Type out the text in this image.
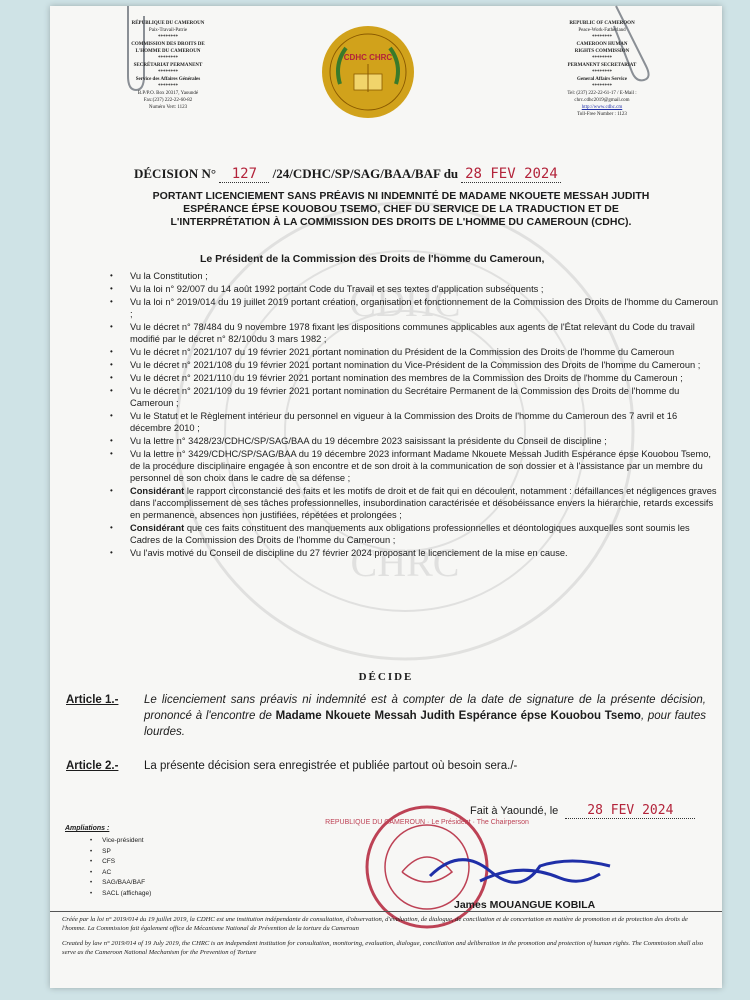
CDHC
CHRC
RÉPUBLIQUE DU CAMEROUN
Paix-Travail-Patrie
********
COMMISSION DES DROITS DE
L'HOMME DU CAMEROUN
********
SECRÉTARIAT PERMANENT
********
Service des Affaires Générales
********
B.P/P.O. Box 20317, Yaoundé
Fax:(237) 222-22-60-82
Numéro Vert: 1123
CDHC CHRC
REPUBLIC OF CAMEROON
Peace-Work-Fatherland
********
CAMEROON HUMAN
RIGHTS COMMISSION
********
PERMANENT SECRETARIAT
********
General Affairs Service
********
Tel: (237) 222-22-61-17 / E-Mail : chrc.cdhc2019@gmail.com
http://www.cdhc.cm
Toll-Free Number : 1123
DÉCISION N° 127 /24/CDHC/SP/SAG/BAA/BAF du 28 FEV 2024
PORTANT LICENCIEMENT SANS PRÉAVIS NI INDEMNITÉ DE MADAME NKOUETE MESSAH JUDITH ESPÉRANCE ÉPSE KOUOBOU TSEMO, CHEF DU SERVICE DE LA TRADUCTION ET DE L'INTERPRÉTATION À LA COMMISSION DES DROITS DE L'HOMME DU CAMEROUN (CDHC).
Le Président de la Commission des Droits de l'homme du Cameroun,
• Vu la Constitution ;
• Vu la loi n° 92/007 du 14 août 1992 portant Code du Travail et ses textes d'application subséquents ;
• Vu la loi n° 2019/014 du 19 juillet 2019 portant création, organisation et fonctionnement de la Commission des Droits de l'homme du Cameroun ;
• Vu le décret n° 78/484 du 9 novembre 1978 fixant les dispositions communes applicables aux agents de l'État relevant du Code du travail modifié par le décret n° 82/100du 3 mars 1982 ;
• Vu le décret n° 2021/107 du 19 février 2021 portant nomination du Président de la Commission des Droits de l'homme du Cameroun
• Vu le décret n° 2021/108 du 19 février 2021 portant nomination du Vice-Président de la Commission des Droits de l'homme du Cameroun ;
• Vu le décret n° 2021/110 du 19 février 2021 portant nomination des membres de la Commission des Droits de l'homme du Cameroun ;
• Vu le décret n° 2021/109 du 19 février 2021 portant nomination du Secrétaire Permanent de la Commission des Droits de l'homme du Cameroun ;
• Vu le Statut et le Règlement intérieur du personnel en vigueur à la Commission des Droits de l'homme du Cameroun des 7 avril et 16 décembre 2010 ;
• Vu la lettre n° 3428/23/CDHC/SP/SAG/BAA du 19 décembre 2023 saisissant la présidente du Conseil de discipline ;
• Vu la lettre n° 3429/CDHC/SP/SAG/BAA du 19 décembre 2023 informant Madame Nkouete Messah Judith Espérance épse Kouobou Tsemo, de la procédure disciplinaire engagée à son encontre et de son droit à la communication de son dossier et à l'assistance par un membre du personnel de son choix dans le cadre de sa défense ;
• Considérant le rapport circonstancié des faits et les motifs de droit et de fait qui en découlent, notamment : défaillances et négligences graves dans l'accomplissement de ses tâches professionnelles, insubordination caractérisée et désobéissance envers la hiérarchie, retards excessifs en permanence, absences non justifiées, répétées et prolongées ;
• Considérant que ces faits constituent des manquements aux obligations professionnelles et déontologiques auxquelles sont soumis les Cadres de la Commission des Droits de l'homme du Cameroun ;
• Vu l'avis motivé du Conseil de discipline du 27 février 2024 proposant le licenciement de la mise en cause.
DÉCIDE
Article 1.- Le licenciement sans préavis ni indemnité est à compter de la date de signature de la présente décision, prononcé à l'encontre de Madame Nkouete Messah Judith Espérance épse Kouobou Tsemo, pour fautes lourdes.
Article 2.- La présente décision sera enregistrée et publiée partout où besoin sera./-
Fait à Yaoundé, le 28 FEV 2024
Ampliations :
• Vice-président
• SP
• CFS
• AC
• SAG/BAA/BAF
• SACL (affichage)
REPUBLIQUE DU CAMEROUN · Le Président · The Chairperson
James MOUANGUE KOBILA
Créée par la loi n° 2019/014 du 19 juillet 2019, la CDHC est une institution indépendante de consultation, d'observation, d'évaluation, de dialogue, de conciliation et de concertation en matière de promotion et de protection des droits de l'homme. La Commission fait également office de Mécanisme National de Prévention de la torture du Cameroun
Created by law n° 2019/014 of 19 July 2019, the CHRC is an independent institution for consultation, monitoring, evaluation, dialogue, conciliation and deliberation in the promotion and protection of human rights. The Commission shall also serve as the Cameroon National Mechanism for the Prevention of Torture
